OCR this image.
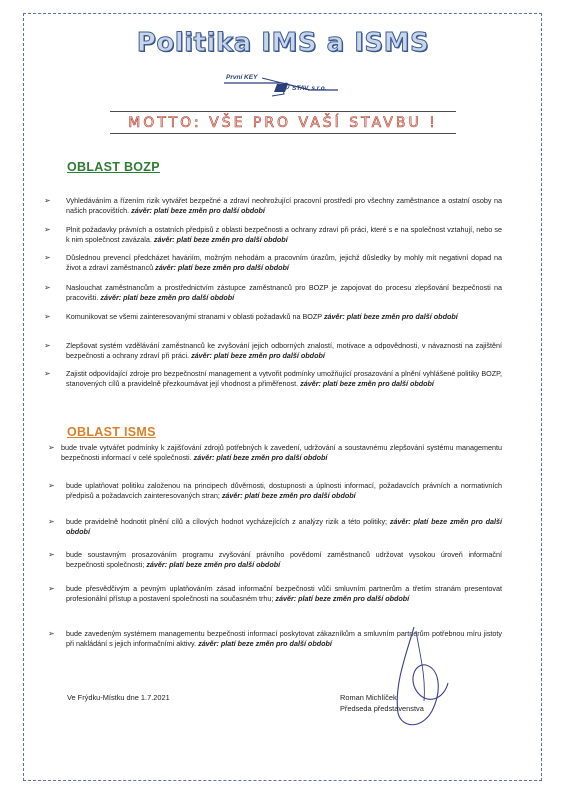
Politika IMS a ISMS
První KEY
STAV, s.r.o.
MOTTO: VŠE PRO VAŠÍ STAVBU !
OBLAST BOZP
➢ Vyhledáváním a řízením rizik vytvářet bezpečné a zdraví neohrožující pracovní prostředí pro všechny zaměstnance a ostatní osoby na našich pracovištích. závěr: platí beze změn pro další období
➢ Plnit požadavky právních a ostatních předpisů z oblasti bezpečnosti a ochrany zdraví při práci, které s e na společnost vztahují, nebo se k nim společnost zavázala. závěr: platí beze změn pro další období
➢ Důslednou prevencí předcházet haváriím, možným nehodám a pracovním úrazům, jejichž důsledky by mohly mít negativní dopad na život a zdraví zaměstnanců závěr: platí beze změn pro další období
➢ Naslouchat zaměstnancům a prostřednictvím zástupce zaměstnanců pro BOZP je zapojovat do procesu zlepšování bezpečnosti na pracovišti. závěr: platí beze změn pro další období
➢ Komunikovat se všemi zainteresovanými stranami v oblasti požadavků na BOZP závěr: platí beze změn pro další období
➢ Zlepšovat systém vzdělávání zaměstnanců ke zvyšování jejich odborných znalostí, motivace a odpovědnosti, v návaznosti na zajištění bezpečnosti a ochrany zdraví při práci. závěr: platí beze změn pro další období
➢ Zajistit odpovídající zdroje pro bezpečnostní management a vytvořit podmínky umožňující prosazování a plnění vyhlášené politiky BOZP, stanovených cílů a pravidelně přezkoumávat její vhodnost a přiměřenost. závěr: platí beze změn pro další období
OBLAST ISMS
➢ bude trvale vytvářet podmínky k zajišťování zdrojů potřebných k zavedení, udržování a soustavnému zlepšování systému managementu bezpečnosti informací v celé společnosti. závěr: platí beze změn pro další období
➢ bude uplatňovat politiku založenou na principech důvěrnosti, dostupnosti a úplnosti informací, požadavcích právních a normativních předpisů a požadavcích zainteresovaných stran; závěr: platí beze změn pro další období
➢ bude pravidelně hodnotit plnění cílů a cílových hodnot vycházejících z analýzy rizik a této politiky; závěr: platí beze změn pro další období
➢ bude soustavným prosazováním programu zvyšování právního povědomí zaměstnanců udržovat vysokou úroveň informační bezpečnosti společnosti; závěr: platí beze změn pro další období
➢ bude přesvědčivým a pevným uplatňováním zásad informační bezpečnosti vůči smluvním partnerům a třetím stranám presentovat profesionální přístup a postavení společnosti na současném trhu; závěr: platí beze změn pro další období
➢ bude zavedeným systémem managementu bezpečnosti informací poskytovat zákazníkům a smluvním partnerům potřebnou míru jistoty při nakládání s jejich informačními aktivy. závěr: platí beze změn pro další období
Ve Frýdku-Místku dne 1.7.2021	Roman Michlíček
Předseda představenstva
